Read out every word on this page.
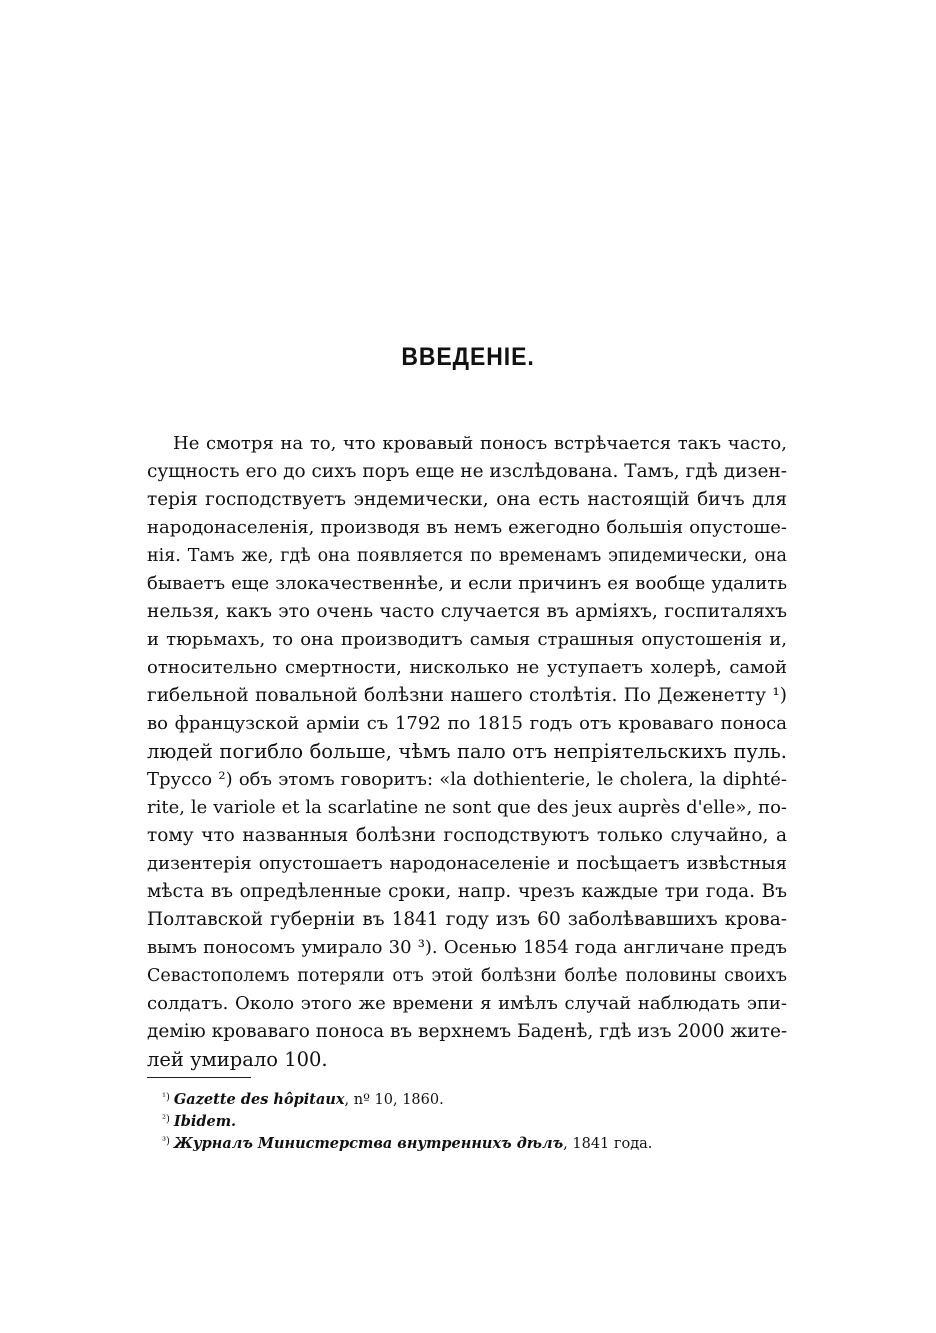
ВВЕДЕНІЕ.
Не смотря на то, что кровавый поносъ встрѣчается такъ часто,
сущность его до сихъ поръ еще не изслѣдована. Тамъ, гдѣ дизен-
терія господствуетъ эндемически, она есть настоящій бичъ для
народонаселенія, производя въ немъ ежегодно большія опустоше-
нія. Тамъ же, гдѣ она появляется по временамъ эпидемически, она
бываетъ еще злокачественнѣе, и если причинъ ея вообще удалить
нельзя, какъ это очень часто случается въ арміяхъ, госпиталяхъ
и тюрьмахъ, то она производитъ самыя страшныя опустошенія и,
относительно смертности, нисколько не уступаетъ холерѣ, самой
гибельной повальной болѣзни нашего столѣтія. По Деженетту ¹)
во французской арміи съ 1792 по 1815 годъ отъ кроваваго поноса
людей погибло больше, чѣмъ пало отъ непріятельскихъ пуль.
Труссо ²) объ этомъ говоритъ: «la dothienterie, le cholera, la diphté-
rite, le variole et la scarlatine ne sont que des jeux auprès d'elle», по-
тому что названныя болѣзни господствуютъ только случайно, а
дизентерія опустошаетъ народонаселеніе и посѣщаетъ извѣстныя
мѣста въ опредѣленные сроки, напр. чрезъ каждые три года. Въ
Полтавской губерніи въ 1841 году изъ 60 заболѣвавшихъ крова-
вымъ поносомъ умирало 30 ³). Осенью 1854 года англичане предъ
Севастополемъ потеряли отъ этой болѣзни болѣе половины своихъ
солдатъ. Около этого же времени я имѣлъ случай наблюдать эпи-
демію кроваваго поноса въ верхнемъ Баденѣ, гдѣ изъ 2000 жите-
лей умирало 100.
$^{^1)}$ Gazette des hôpitaux, nº 10, 1860.
$^{^2)}$ Ibidem.
$^{^3)}$ Журналъ Министерства внутреннихъ дѣлъ, 1841 года.
